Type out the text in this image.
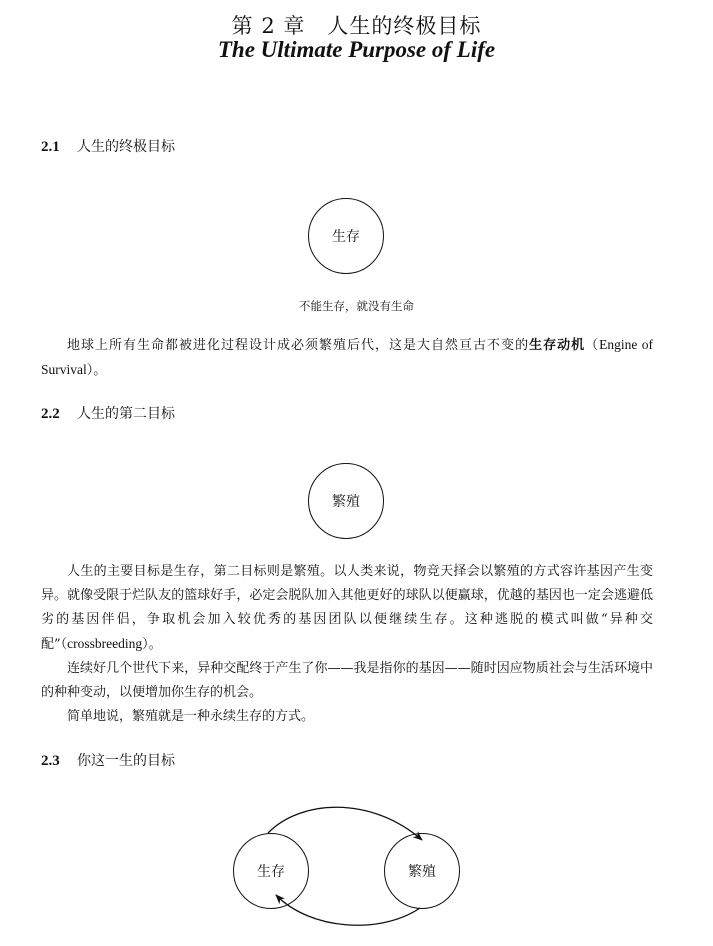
第 2 章　人生的终极目标
The Ultimate Purpose of Life
2.1 人生的终极目标
生存
不能生存，就没有生命

地球上所有生命都被进化过程设计成必须繁殖后代，这是大自然亘古不变的生存动机（Engine of Survival）。

2.2 人生的第二目标
繁殖

人生的主要目标是生存，第二目标则是繁殖。以人类来说，物竞天择会以繁殖的方式容许基因产生变异。就像受限于烂队友的篮球好手，必定会脱队加入其他更好的球队以便赢球，优越的基因也一定会逃避低劣的基因伴侣，争取机会加入较优秀的基因团队以便继续生存。这种逃脱的模式叫做“异种交配”（crossbreeding）。

连续好几个世代下来，异种交配终于产生了你——我是指你的基因——随时因应物质社会与生活环境中的种种变动，以便增加你生存的机会。

简单地说，繁殖就是一种永续生存的方式。

2.3 你这一生的目标
生存	繁殖
